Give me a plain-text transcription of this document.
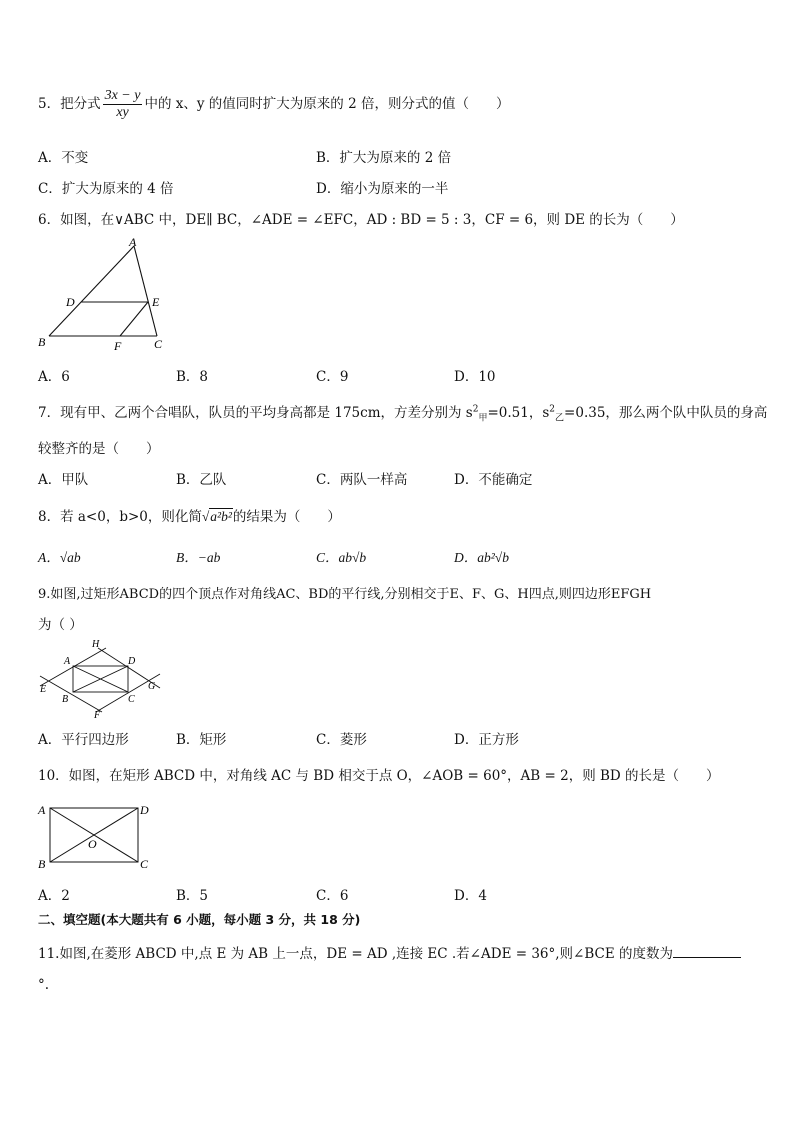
5．把分式 $\frac{3x - y}{xy}$ 中的 x、y 的值同时扩大为原来的 2 倍，则分式的值（　　）
A．不变	B．扩大为原来的 2 倍
C．扩大为原来的 4 倍	D．缩小为原来的一半
6．如图，在∨ABC 中，DE∥ BC，∠ADE = ∠EFC，AD : BD = 5 : 3，CF = 6，则 DE 的长为（　　）
A
D	E
B	F	C
A．6	B．8	C．9	D．10
7．现有甲、乙两个合唱队，队员的平均身高都是 175cm，方差分别为 $s^2_甲=0.51$，$s^2_乙=0.35$，那么两个队中队员的身高
较整齐的是（　　）
A．甲队	B．乙队	C．两队一样高	D．不能确定
8．若 a<0，b>0，则化简√a²b²的结果为（　　）
A．√ab	B．−ab	C．ab√b	D．ab²√b
9.如图,过矩形ABCD的四个顶点作对角线AC、BD的平行线,分别相交于E、F、G、H四点,则四边形EFGH
为（ ）
H
A	D
E	G
B	C
F
A．平行四边形	B．矩形	C．菱形	D．正方形
10．如图，在矩形 ABCD 中，对角线 AC 与 BD 相交于点 O，∠AOB = 60°，AB = 2，则 BD 的长是（　　）
A	D
O
B	C
A．2	B．5	C．6	D．4
二、填空题(本大题共有 6 小题，每小题 3 分，共 18 分)
11.如图,在菱形 ABCD 中,点 E 为 AB 上一点，DE = AD ,连接 EC .若∠ADE = 36°,则∠BCE 的度数为
°.
